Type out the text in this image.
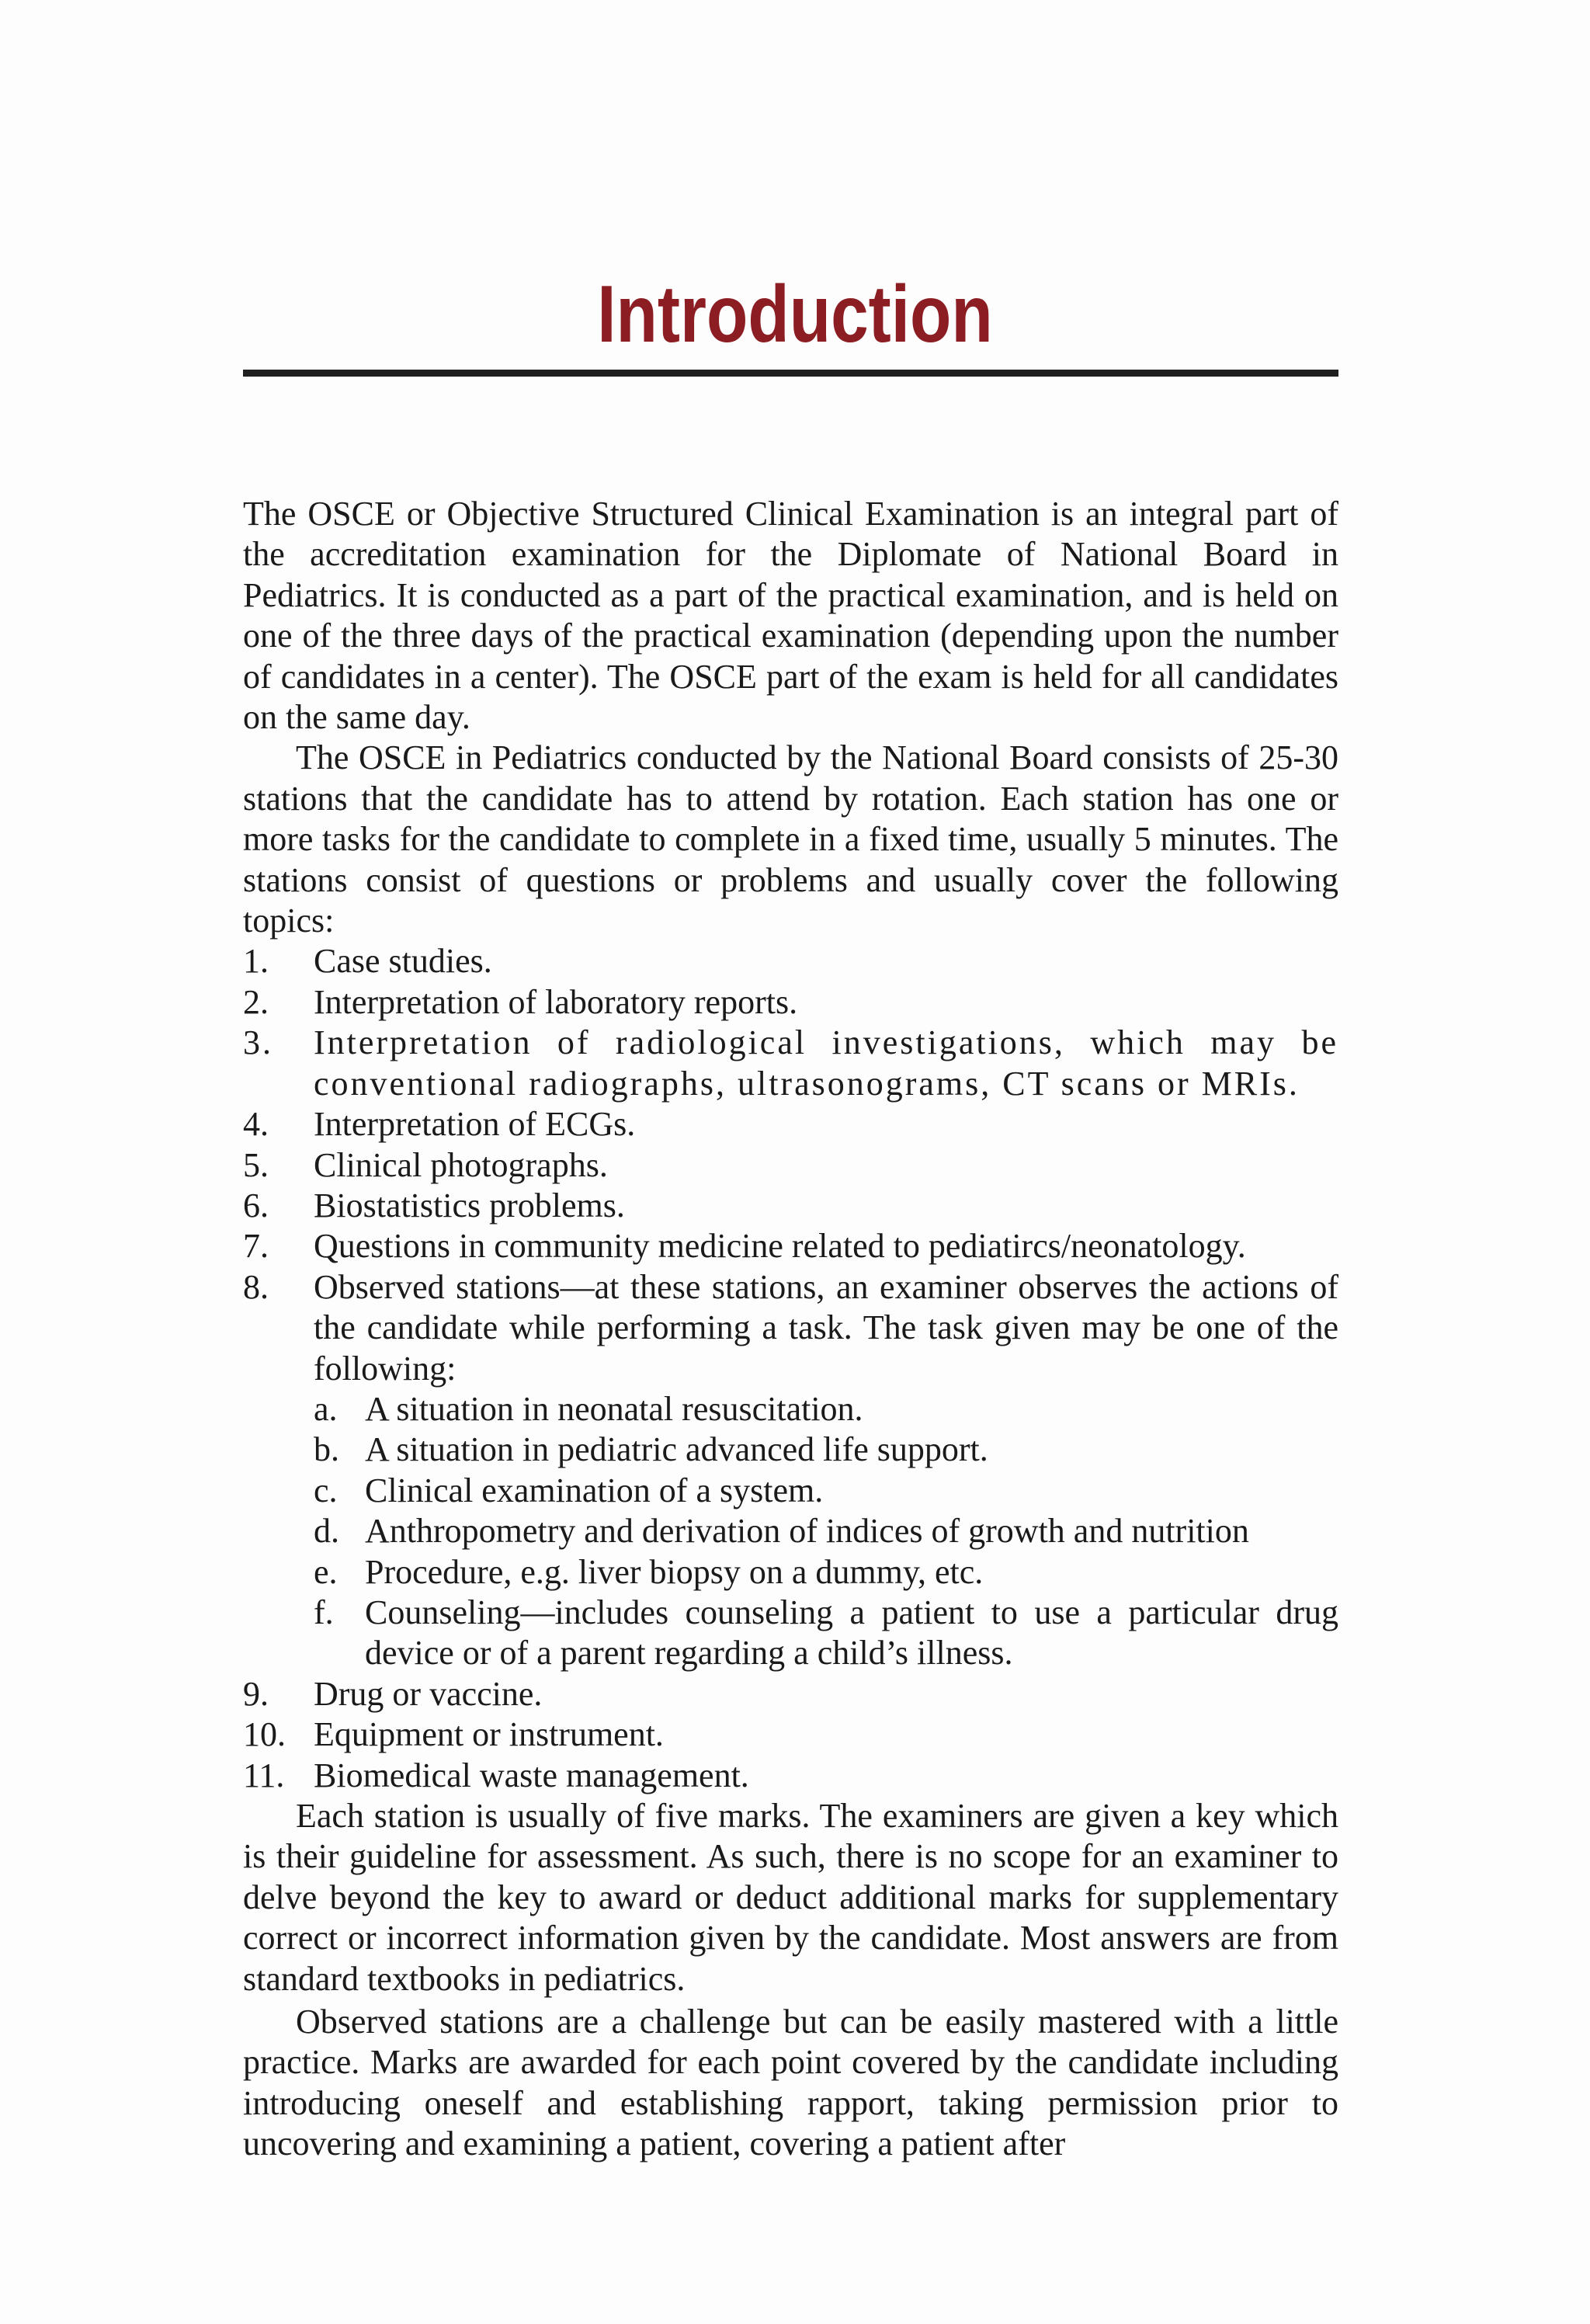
Introduction

The OSCE or Objective Structured Clinical Examination is an integral part of the accreditation examination for the Diplomate of National Board in Pediatrics. It is conducted as a part of the practical examination, and is held on one of the three days of the practical examination (depending upon the number of candidates in a center). The OSCE part of the exam is held for all candidates on the same day.

The OSCE in Pediatrics conducted by the National Board consists of 25-30 stations that the candidate has to attend by rotation. Each station has one or more tasks for the candidate to complete in a fixed time, usually 5 minutes. The stations consist of questions or problems and usually cover the following topics:

1.	Case studies.
2.	Interpretation of laboratory reports.
3.	Interpretation of radiological investigations, which may be conventional radiographs, ultrasonograms, CT scans or MRIs.
4.	Interpretation of ECGs.
5.	Clinical photographs.
6.	Biostatistics problems.
7.	Questions in community medicine related to pediatircs/neonatology.
8.	Observed stations—at these stations, an examiner observes the actions of the candidate while performing a task. The task given may be one of the following:
a. A situation in neonatal resuscitation.
b. A situation in pediatric advanced life support.
c. Clinical examination of a system.
d. Anthropometry and derivation of indices of growth and nutrition
e. Procedure, e.g. liver biopsy on a dummy, etc.
f. Counseling—includes counseling a patient to use a particular drug device or of a parent regarding a child’s illness.
9.	Drug or vaccine.
10. Equipment or instrument.
11. Biomedical waste management.

Each station is usually of five marks. The examiners are given a key which is their guideline for assessment. As such, there is no scope for an examiner to delve beyond the key to award or deduct additional marks for supplementary correct or incorrect information given by the candidate. Most answers are from standard textbooks in pediatrics.

Observed stations are a challenge but can be easily mastered with a little practice. Marks are awarded for each point covered by the candidate including introducing oneself and establishing rapport, taking permission prior to uncovering and examining a patient, covering a patient after
